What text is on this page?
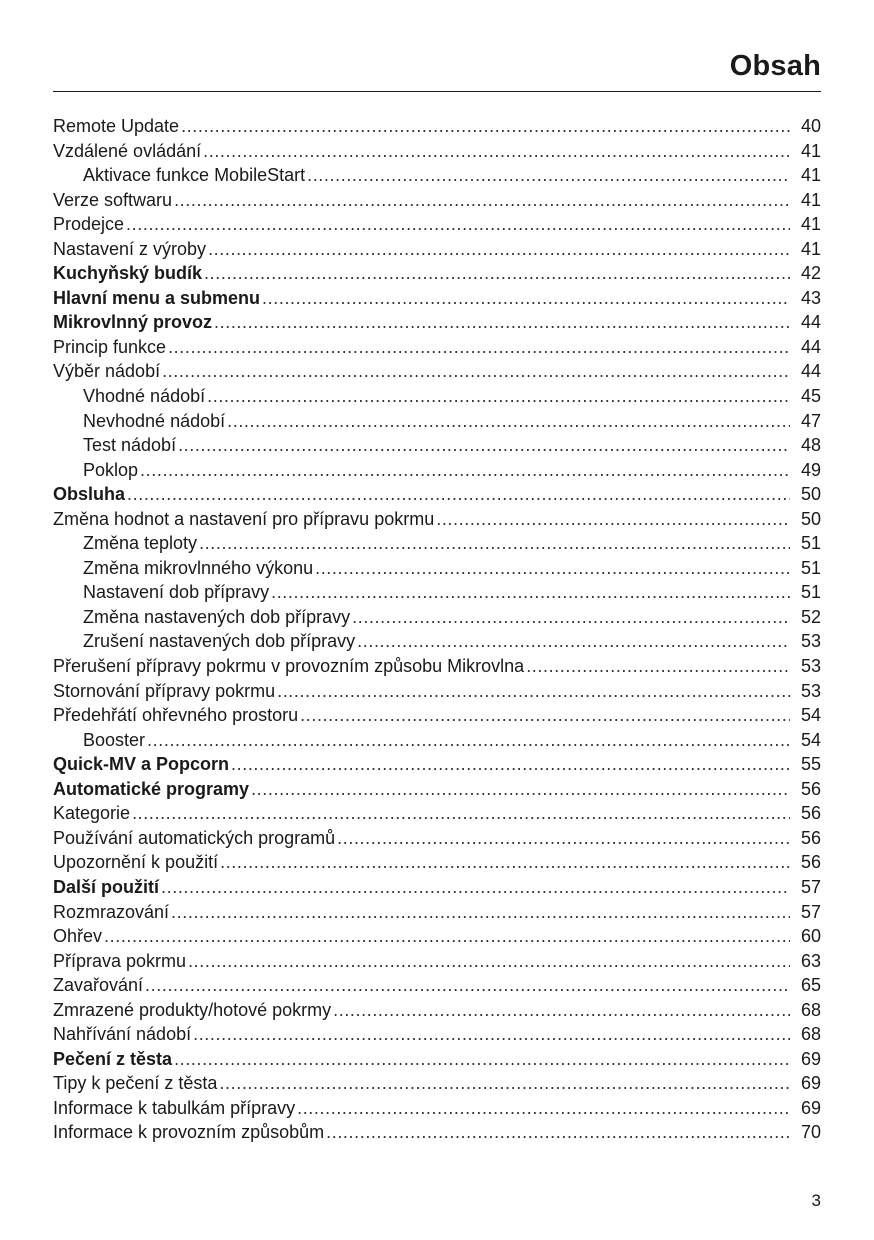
Obsah
Remote Update .....	40
Vzdálené ovládání .....	41
Aktivace funkce MobileStart .....	41
Verze softwaru .....	41
Prodejce .....	41
Nastavení z výroby .....	41
Kuchyňský budík .....	42
Hlavní menu a submenu .....	43
Mikrovlnný provoz .....	44
Princip funkce .....	44
Výběr nádobí .....	44
Vhodné nádobí .....	45
Nevhodné nádobí .....	47
Test nádobí .....	48
Poklop .....	49
Obsluha .....	50
Změna hodnot a nastavení pro přípravu pokrmu .....	50
Změna teploty .....	51
Změna mikrovlnného výkonu .....	51
Nastavení dob přípravy .....	51
Změna nastavených dob přípravy .....	52
Zrušení nastavených dob přípravy .....	53
Přerušení přípravy pokrmu v provozním způsobu Mikrovlna .....	53
Stornování přípravy pokrmu .....	53
Předehřátí ohřevného prostoru .....	54
Booster .....	54
Quick-MV a Popcorn .....	55
Automatické programy .....	56
Kategorie .....	56
Používání automatických programů .....	56
Upozornění k použití .....	56
Další použití .....	57
Rozmrazování .....	57
Ohřev .....	60
Příprava pokrmu .....	63
Zavařování .....	65
Zmrazené produkty/hotové pokrmy .....	68
Nahřívání nádobí .....	68
Pečení z těsta .....	69
Tipy k pečení z těsta .....	69
Informace k tabulkám přípravy .....	69
Informace k provozním způsobům .....	70
3
